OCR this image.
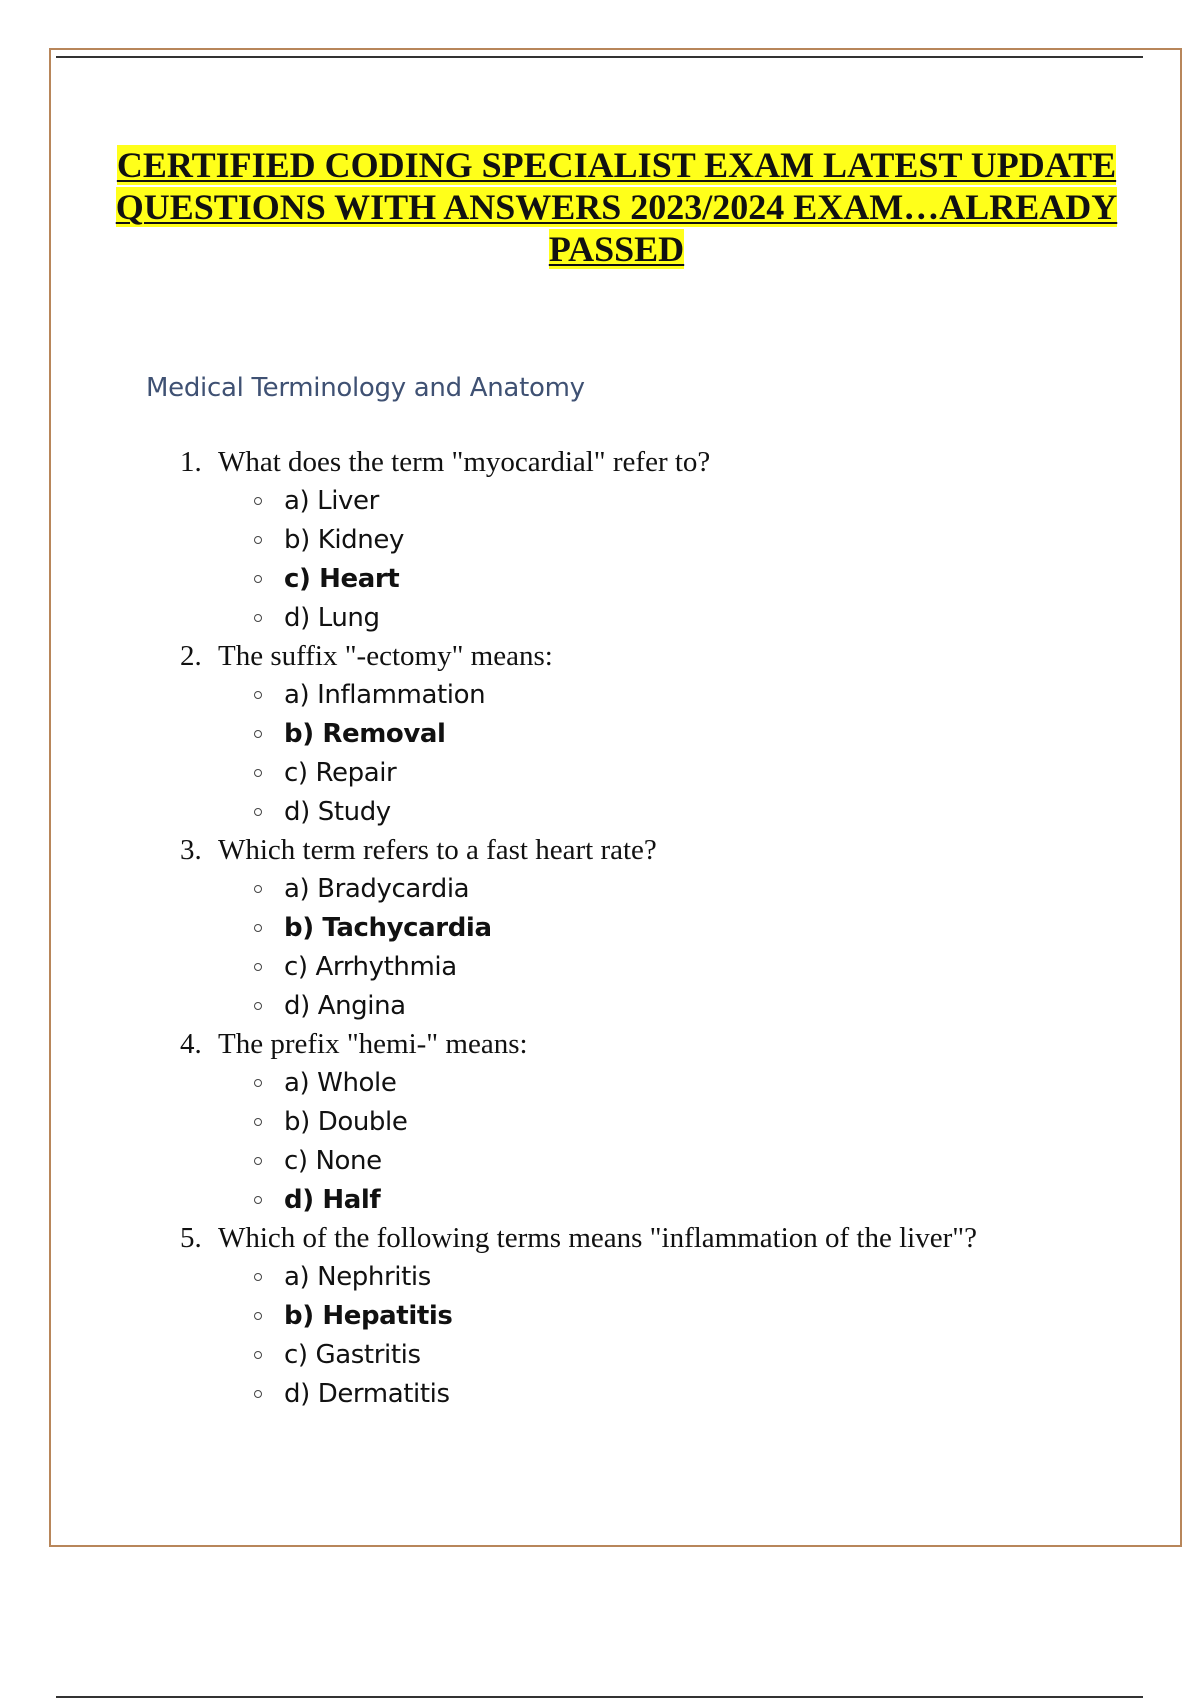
CERTIFIED CODING SPECIALIST EXAM LATEST UPDATE QUESTIONS WITH ANSWERS 2023/2024 EXAM…ALREADY PASSED
Medical Terminology and Anatomy
1. What does the term "myocardial" refer to?
a) Liver
b) Kidney
c) Heart
d) Lung
2. The suffix "-ectomy" means:
a) Inflammation
b) Removal
c) Repair
d) Study
3. Which term refers to a fast heart rate?
a) Bradycardia
b) Tachycardia
c) Arrhythmia
d) Angina
4. The prefix "hemi-" means:
a) Whole
b) Double
c) None
d) Half
5. Which of the following terms means "inflammation of the liver"?
a) Nephritis
b) Hepatitis
c) Gastritis
d) Dermatitis
